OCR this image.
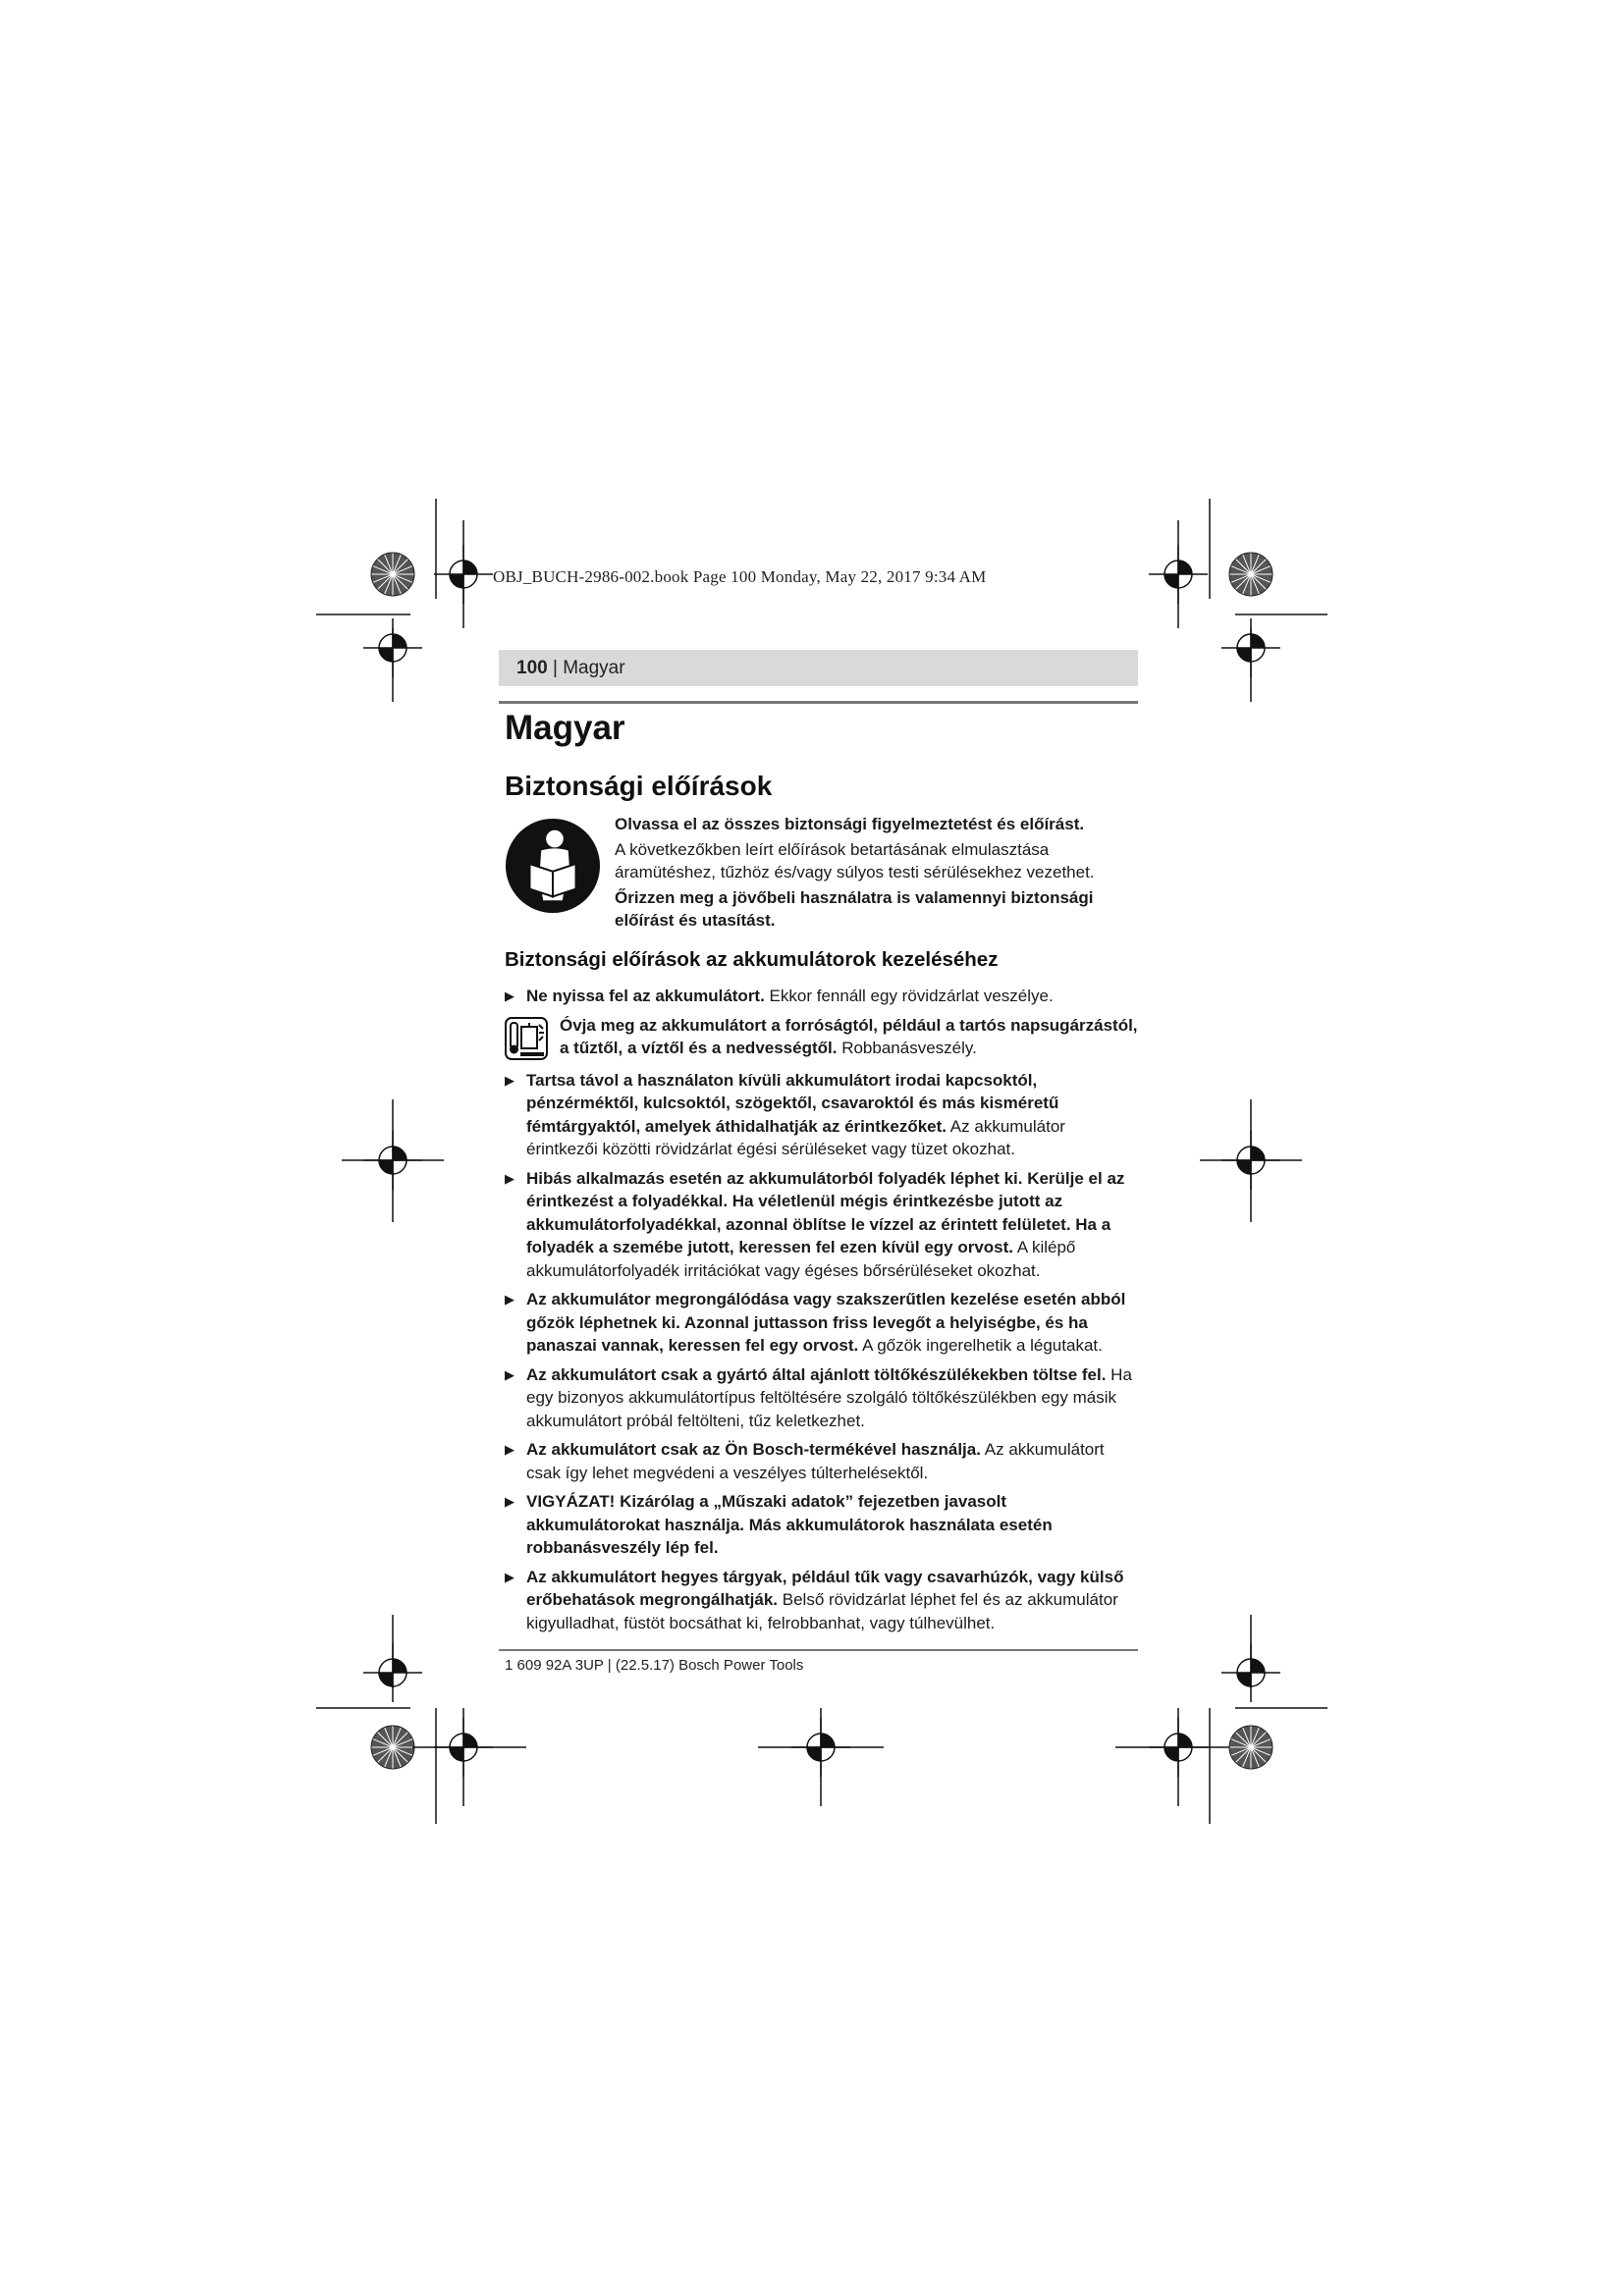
OBJ_BUCH-2986-002.book Page 100 Monday, May 22, 2017 9:34 AM
100 | Magyar
Magyar
Biztonsági előírások

Olvassa el az összes biztonsági figyelmeztetést és előírást.

A következőkben leírt előírások betartásának elmulasztása áramütéshez, tűzhöz és/vagy súlyos testi sérülésekhez vezethet.

Őrizzen meg a jövőbeli használatra is valamennyi biztonsági előírást és utasítást.

Biztonsági előírások az akkumulátorok kezeléséhez
▶ Ne nyissa fel az akkumulátort. Ekkor fennáll egy rövidzárlat veszélye.
Óvja meg az akkumulátort a forróságtól, például a tartós napsugárzástól, a tűztől, a víztől és a nedvességtől. Robbanásveszély.
▶ Tartsa távol a használaton kívüli akkumulátort irodai kapcsoktól, pénzérméktől, kulcsoktól, szögektől, csavaroktól és más kisméretű fémtárgyaktól, amelyek áthidalhatják az érintkezőket. Az akkumulátor érintkezői közötti rövidzárlat égési sérüléseket vagy tüzet okozhat.
▶ Hibás alkalmazás esetén az akkumulátorból folyadék léphet ki. Kerülje el az érintkezést a folyadékkal. Ha véletlenül mégis érintkezésbe jutott az akkumulátorfolyadékkal, azonnal öblítse le vízzel az érintett felületet. Ha a folyadék a szemébe jutott, keressen fel ezen kívül egy orvost. A kilépő akkumulátorfolyadék irritációkat vagy égéses bőrsérüléseket okozhat.
▶ Az akkumulátor megrongálódása vagy szakszerűtlen kezelése esetén abból gőzök léphetnek ki. Azonnal juttasson friss levegőt a helyiségbe, és ha panaszai vannak, keressen fel egy orvost. A gőzök ingerelhetik a légutakat.
▶ Az akkumulátort csak a gyártó által ajánlott töltőkészülékekben töltse fel. Ha egy bizonyos akkumulátortípus feltöltésére szolgáló töltőkészülékben egy másik akkumulátort próbál feltölteni, tűz keletkezhet.
▶ Az akkumulátort csak az Ön Bosch-termékével használja. Az akkumulátort csak így lehet megvédeni a veszélyes túlterhelésektől.
▶ VIGYÁZAT! Kizárólag a „Műszaki adatok” fejezetben javasolt akkumulátorokat használja. Más akkumulátorok használata esetén robbanásveszély lép fel.
▶ Az akkumulátort hegyes tárgyak, például tűk vagy csavarhúzók, vagy külső erőbehatások megrongálhatják. Belső rövidzárlat léphet fel és az akkumulátor kigyulladhat, füstöt bocsáthat ki, felrobbanhat, vagy túlhevülhet.
1 609 92A 3UP | (22.5.17) Bosch Power Tools
